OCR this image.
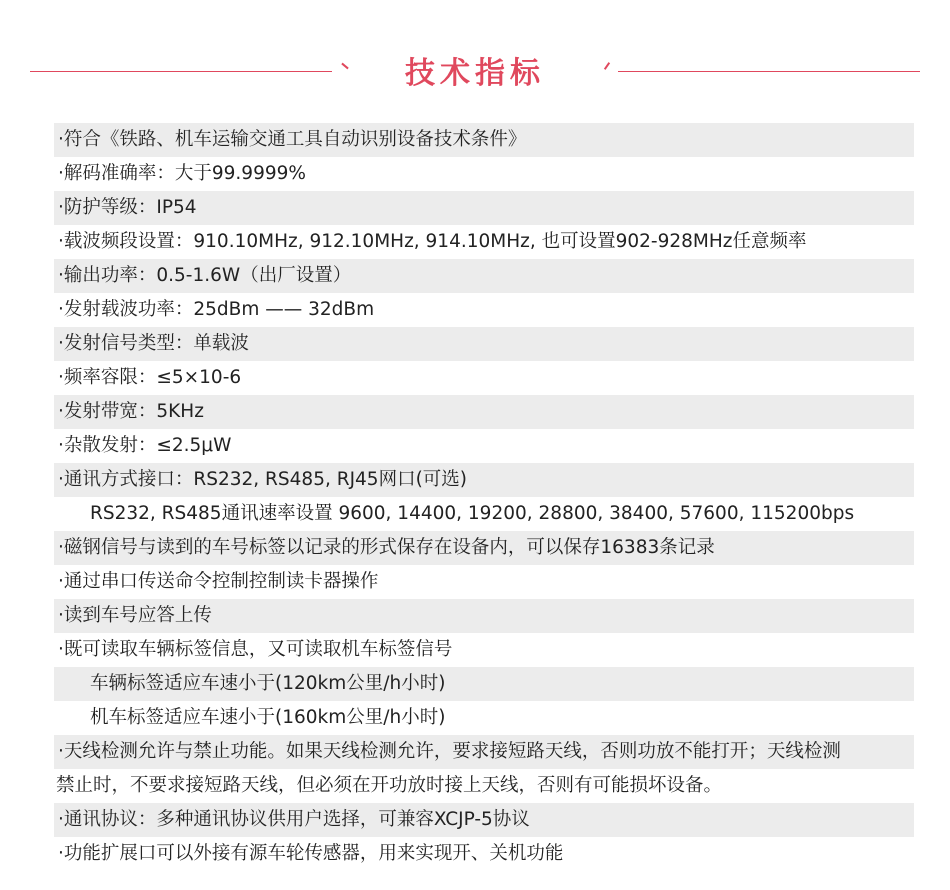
技术指标
·符合《铁路、机车运输交通工具自动识别设备技术条件》
·解码准确率：大于99.9999%
·防护等级：IP54
·载波频段设置：910.10MHz, 912.10MHz, 914.10MHz, 也可设置902-928MHz任意频率
·输出功率：0.5-1.6W（出厂设置）
·发射载波功率：25dBm —— 32dBm
·发射信号类型：单载波
·频率容限：≤5×10-6
·发射带宽：5KHz
·杂散发射：≤2.5μW
·通讯方式接口：RS232, RS485, RJ45网口(可选)
RS232, RS485通讯速率设置 9600, 14400, 19200, 28800, 38400, 57600, 115200bps
·磁钢信号与读到的车号标签以记录的形式保存在设备内，可以保存16383条记录
·通过串口传送命令控制控制读卡器操作
·读到车号应答上传
·既可读取车辆标签信息，又可读取机车标签信号
车辆标签适应车速小于(120km公里/h小时)
机车标签适应车速小于(160km公里/h小时)
·天线检测允许与禁止功能。如果天线检测允许，要求接短路天线，否则功放不能打开；天线检测
禁止时，不要求接短路天线，但必须在开功放时接上天线，否则有可能损坏设备。
·通讯协议：多种通讯协议供用户选择，可兼容XCJP-5协议
·功能扩展口可以外接有源车轮传感器，用来实现开、关机功能
